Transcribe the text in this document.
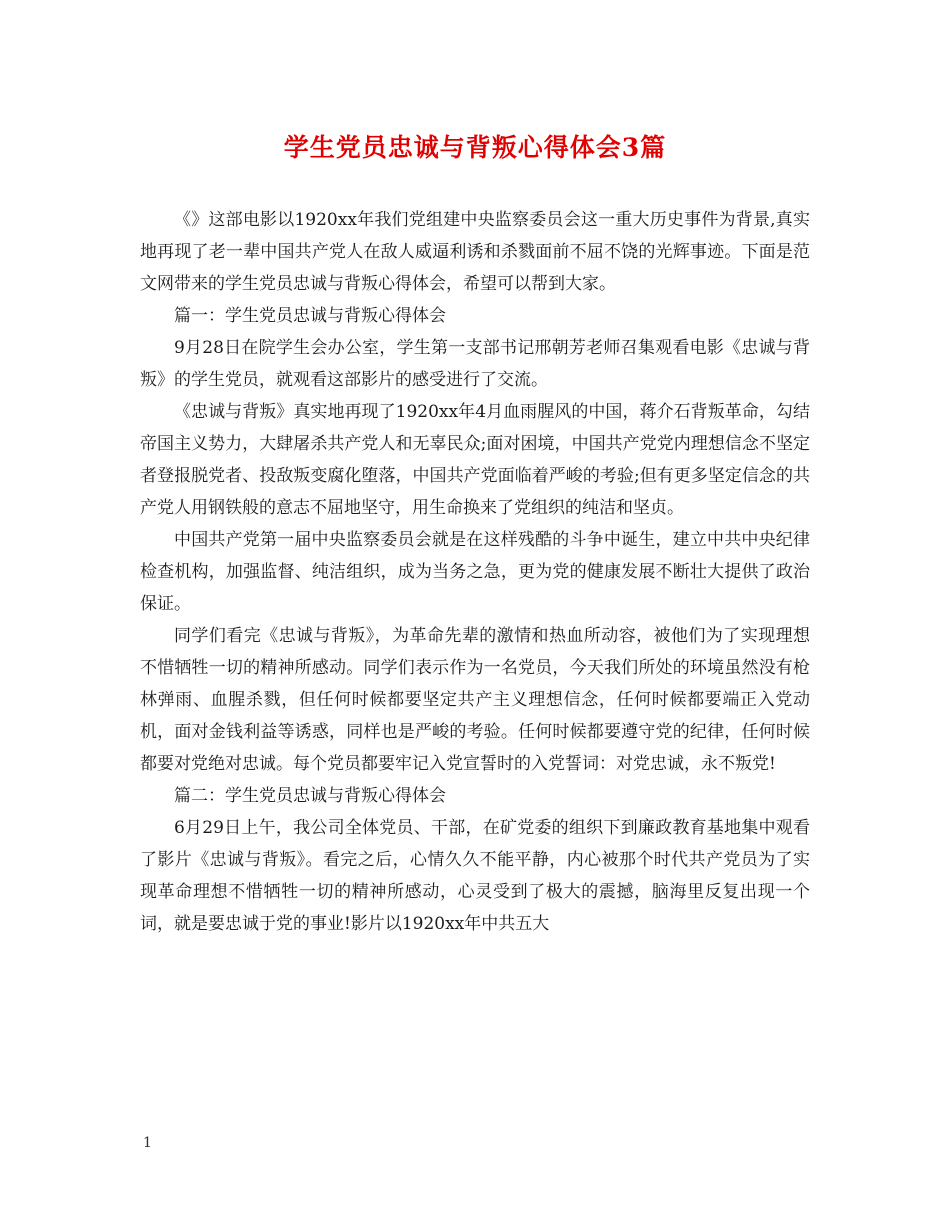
学生党员忠诚与背叛心得体会3篇

《》这部电影以1920xx年我们党组建中央监察委员会这一重大历史事件为背景,真实地再现了老一辈中国共产党人在敌人威逼利诱和杀戮面前不屈不饶的光辉事迹。下面是范文网带来的学生党员忠诚与背叛心得体会，希望可以帮到大家。

篇一：学生党员忠诚与背叛心得体会

9月28日在院学生会办公室，学生第一支部书记邢朝芳老师召集观看电影《忠诚与背叛》的学生党员，就观看这部影片的感受进行了交流。

《忠诚与背叛》真实地再现了1920xx年4月血雨腥风的中国，蒋介石背叛革命，勾结帝国主义势力，大肆屠杀共产党人和无辜民众;面对困境，中国共产党党内理想信念不坚定者登报脱党者、投敌叛变腐化堕落，中国共产党面临着严峻的考验;但有更多坚定信念的共产党人用钢铁般的意志不屈地坚守，用生命换来了党组织的纯洁和坚贞。

中国共产党第一届中央监察委员会就是在这样残酷的斗争中诞生，建立中共中央纪律检查机构，加强监督、纯洁组织，成为当务之急，更为党的健康发展不断壮大提供了政治保证。

同学们看完《忠诚与背叛》，为革命先辈的激情和热血所动容，被他们为了实现理想不惜牺牲一切的精神所感动。同学们表示作为一名党员，今天我们所处的环境虽然没有枪林弹雨、血腥杀戮，但任何时候都要坚定共产主义理想信念，任何时候都要端正入党动机，面对金钱利益等诱惑，同样也是严峻的考验。任何时候都要遵守党的纪律，任何时候都要对党绝对忠诚。每个党员都要牢记入党宣誓时的入党誓词：对党忠诚，永不叛党!

篇二：学生党员忠诚与背叛心得体会

6月29日上午，我公司全体党员、干部，在矿党委的组织下到廉政教育基地集中观看了影片《忠诚与背叛》。看完之后，心情久久不能平静，内心被那个时代共产党员为了实现革命理想不惜牺牲一切的精神所感动，心灵受到了极大的震撼，脑海里反复出现一个词，就是要忠诚于党的事业!影片以1920xx年中共五大

1
